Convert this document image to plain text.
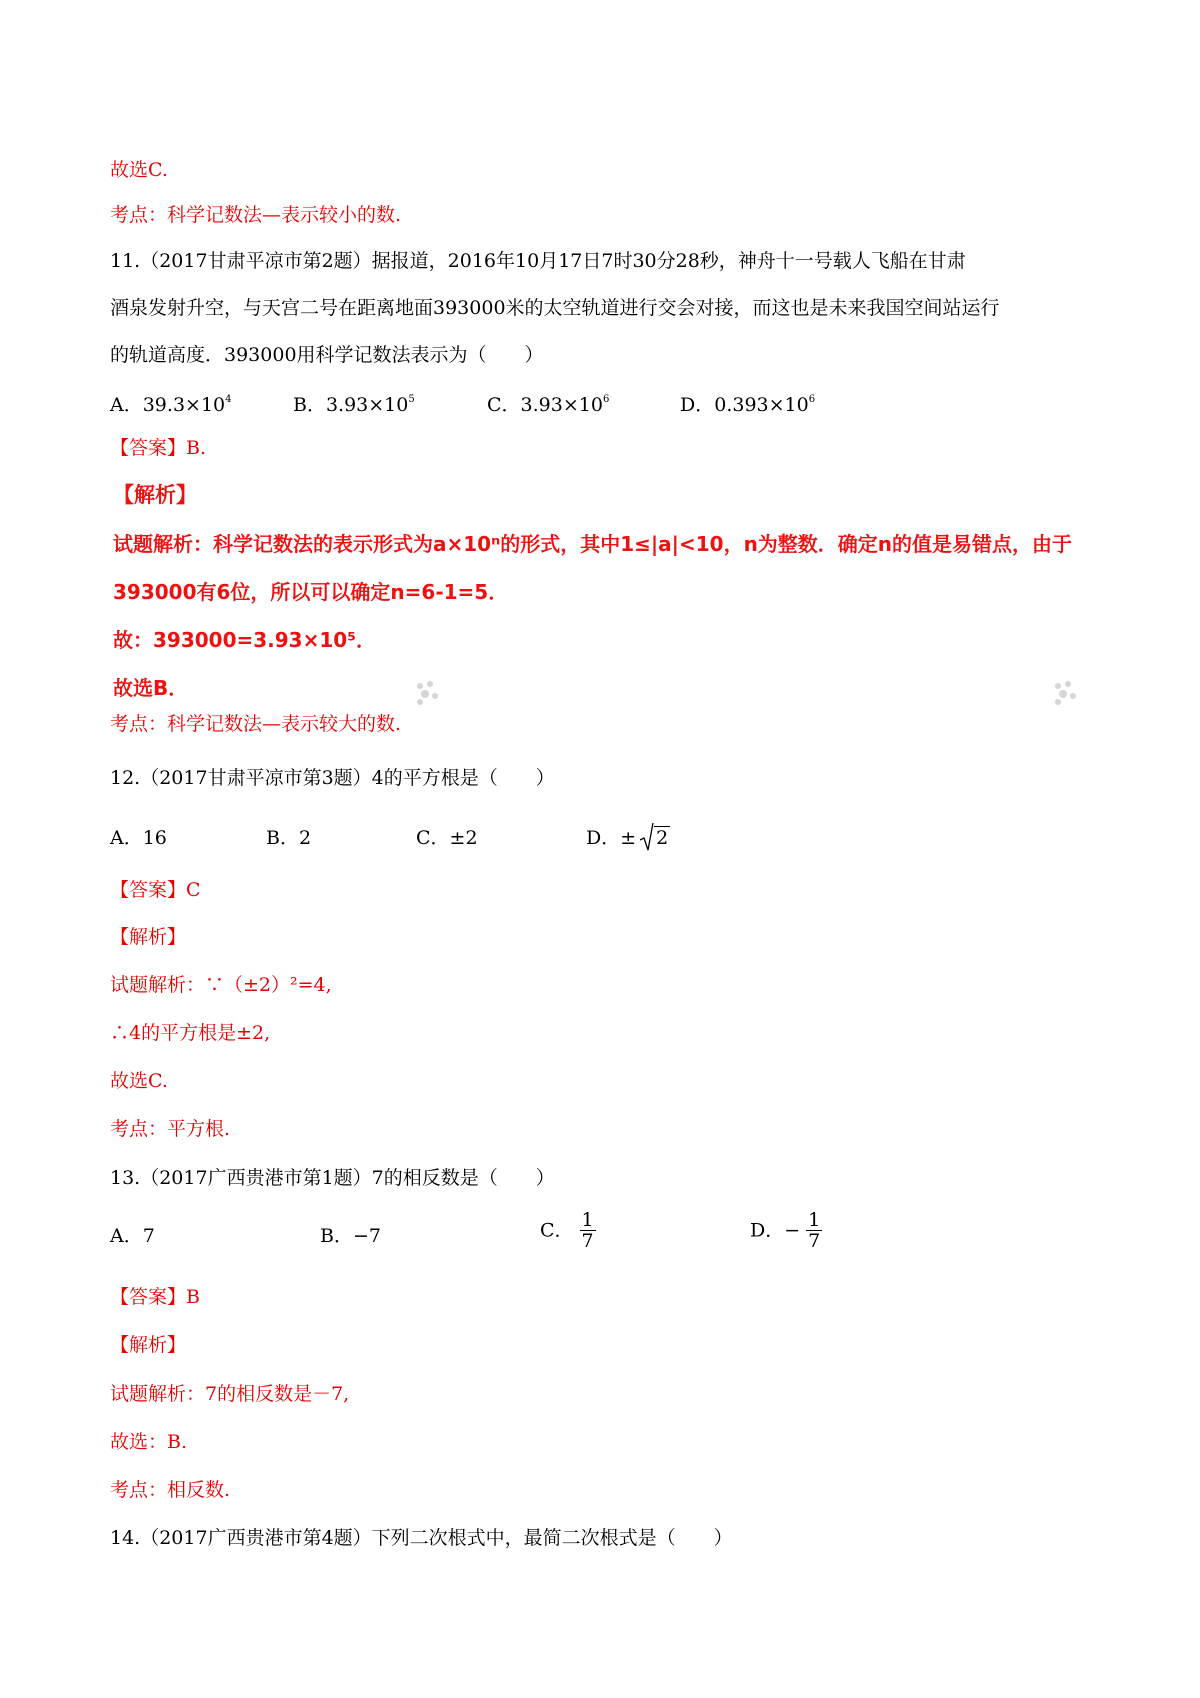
故选C.
考点：科学记数法—表示较小的数.
11.（2017甘肃平凉市第2题）据报道，2016年10月17日7时30分28秒，神舟十一号载人飞船在甘肃
酒泉发射升空，与天宫二号在距离地面393000米的太空轨道进行交会对接，而这也是未来我国空间站运行
的轨道高度．393000用科学记数法表示为（　　）
A．$39.3\times 10^4$	B．$3.93\times 10^5$	C．$3.93\times 10^6$	D．$0.393\times 10^6$
【答案】B.
【解析】
试题解析：科学记数法的表示形式为a×10ⁿ的形式，其中1≤|a|<10，n为整数．确定n的值是易错点，由于
393000有6位，所以可以确定n=6-1=5．
故：393000=3.93×10⁵．
故选B．
考点：科学记数法—表示较大的数.
12.（2017甘肃平凉市第3题）4的平方根是（　　）
A．16	B．2	C．±2	D．± 2
【答案】C
【解析】
试题解析：∵（±2）²=4,
∴4的平方根是±2,
故选C.
考点：平方根.
13.（2017广西贵港市第1题）7的相反数是（　　）
A．7	B．−7	C． $\frac{1}{7}$	D．− $\frac{1}{7}$
【答案】B
【解析】
试题解析：7的相反数是－7,
故选：B.
考点：相反数.
14.（2017广西贵港市第4题）下列二次根式中，最简二次根式是（　　）
